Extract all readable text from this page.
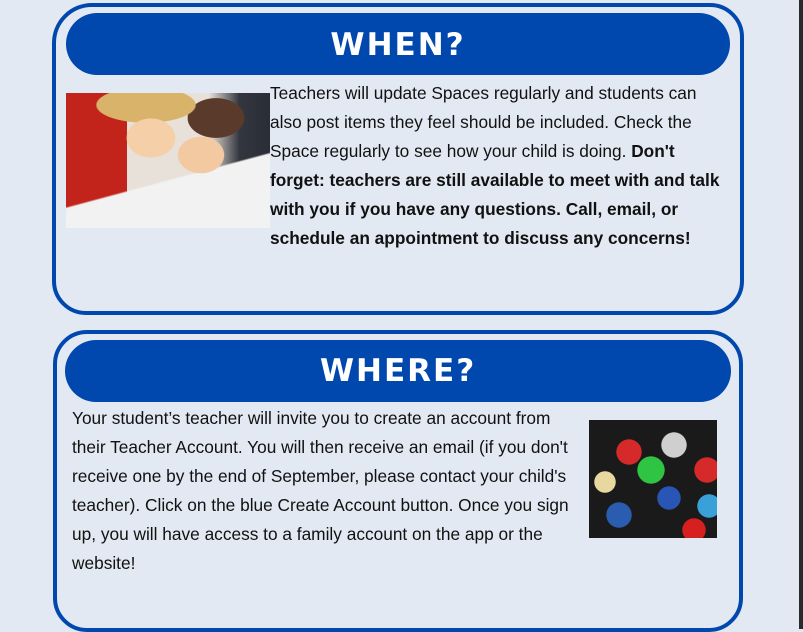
WHEN?
Teachers will update Spaces regularly and students can also post items they feel should be included. Check the Space regularly to see how your child is doing. Don't forget: teachers are still available to meet with and talk with you if you have any questions. Call, email, or schedule an appointment to discuss any concerns!
WHERE?
Your student’s teacher will invite you to create an account from their Teacher Account. You will then receive an email (if you don't receive one by the end of September, please contact your child's teacher). Click on the blue Create Account button. Once you sign up, you will have access to a family account on the app or the website!
